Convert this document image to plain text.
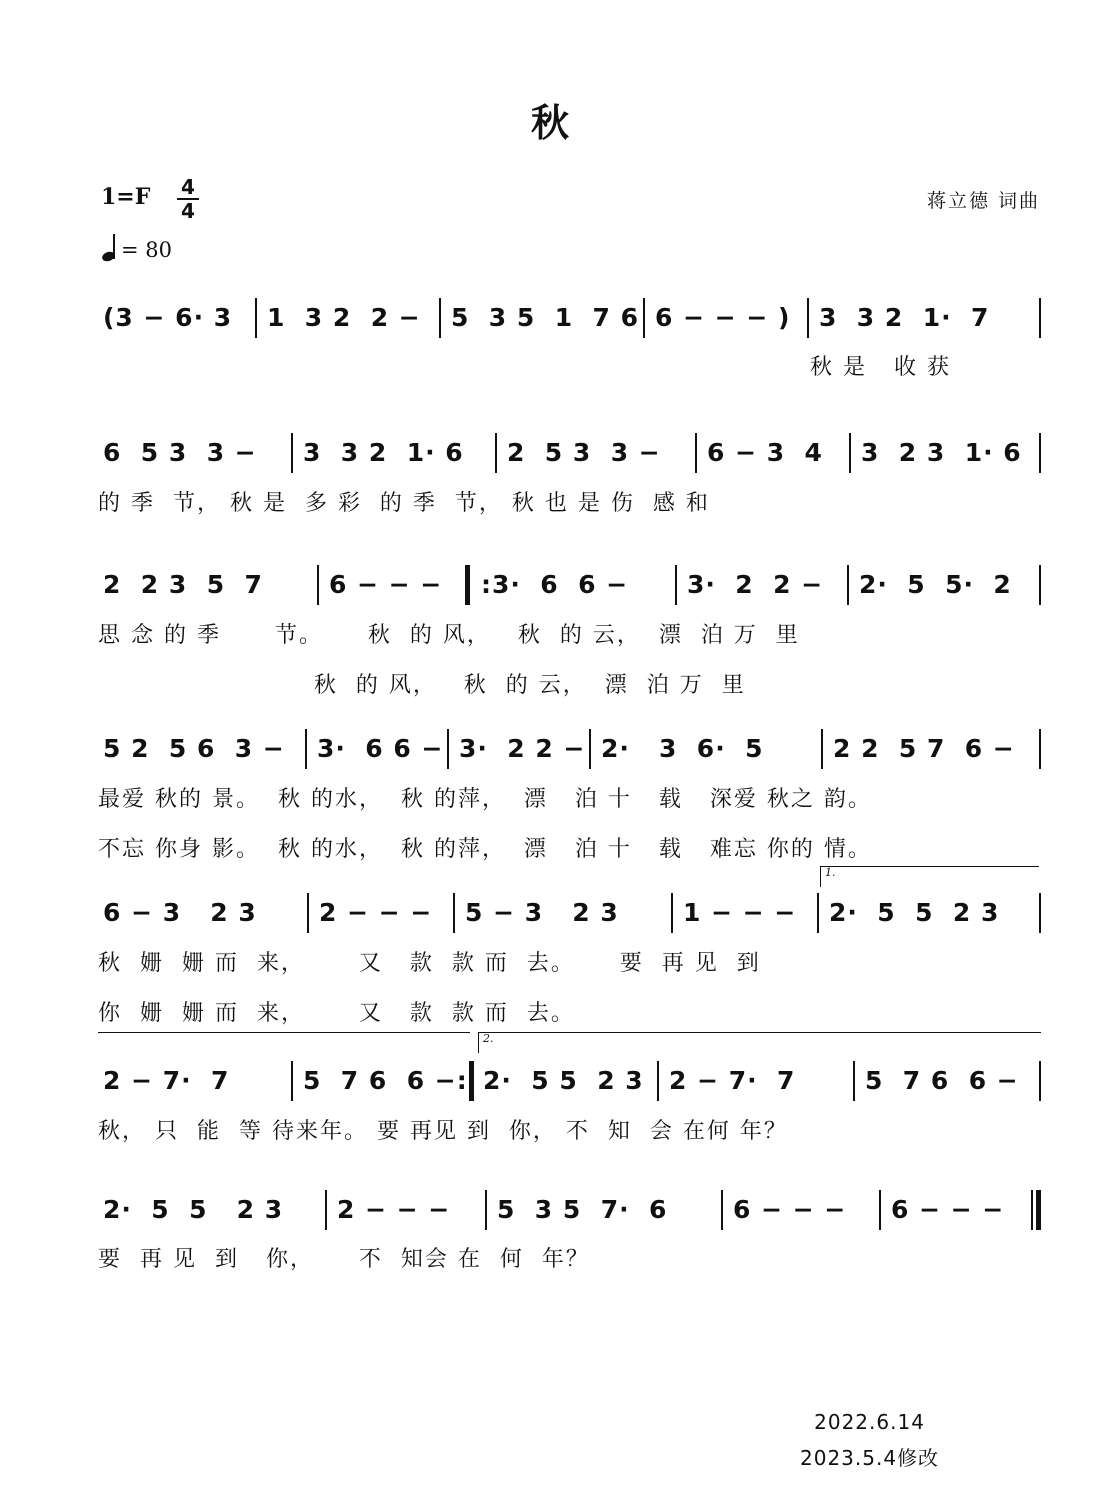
秋
1=F	4
4
= 80
蒋立德 词曲
(3 − 6· 3	1  3 2  2 −	5  3 5  1  7 6 6 − − − )	3  3 2  1·  7
秋 是   收 获
6  5 3  3 −	3  3 2  1· 6	2  5 3  3 −	6 − 3  4	3  2 3  1· 6
的 季  节， 秋 是  多 彩  的 季  节， 秋 也 是 伤  感 和
2  2 3  5  7	6 − − −	:3·  6  6 −	3·  2  2 −	2·  5  5·  2
思 念 的 季      节。     秋  的 风，   秋  的 云，  漂  泊 万  里
秋  的 风，   秋  的 云，  漂  泊 万  里
5 2  5 6  3 −	3·  6 6 − 3·  2 2 − 2·   3  6·  5	2 2  5 7  6 −
最爱 秋的 景。  秋 的水，  秋 的萍，  漂   泊 十   载   深爱 秋之 韵。
不忘 你身 影。  秋 的水，  秋 的萍，  漂   泊 十   载   难忘 你的 情。
1.
6 − 3   2 3	2 − − −	5 − 3   2 3	1 − − −	2·  5  5  2 3
秋  姗  姗 而  来，      又   款  款 而  去。     要  再 见  到
你  姗  姗 而  来，      又   款  款 而  去。
2.
2 − 7·  7	5  7 6  6 −: 2·  5 5  2 3	2 − 7·  7	5  7 6  6 −
秋， 只  能  等 待来年。 要 再见 到  你， 不  知  会 在何 年？
2·  5  5   2 3	2 − − −	5  3 5  7·  6	6 − − −	6 − − −
要  再 见  到   你，     不  知会 在  何  年？
2022.6.14
2023.5.4修改
